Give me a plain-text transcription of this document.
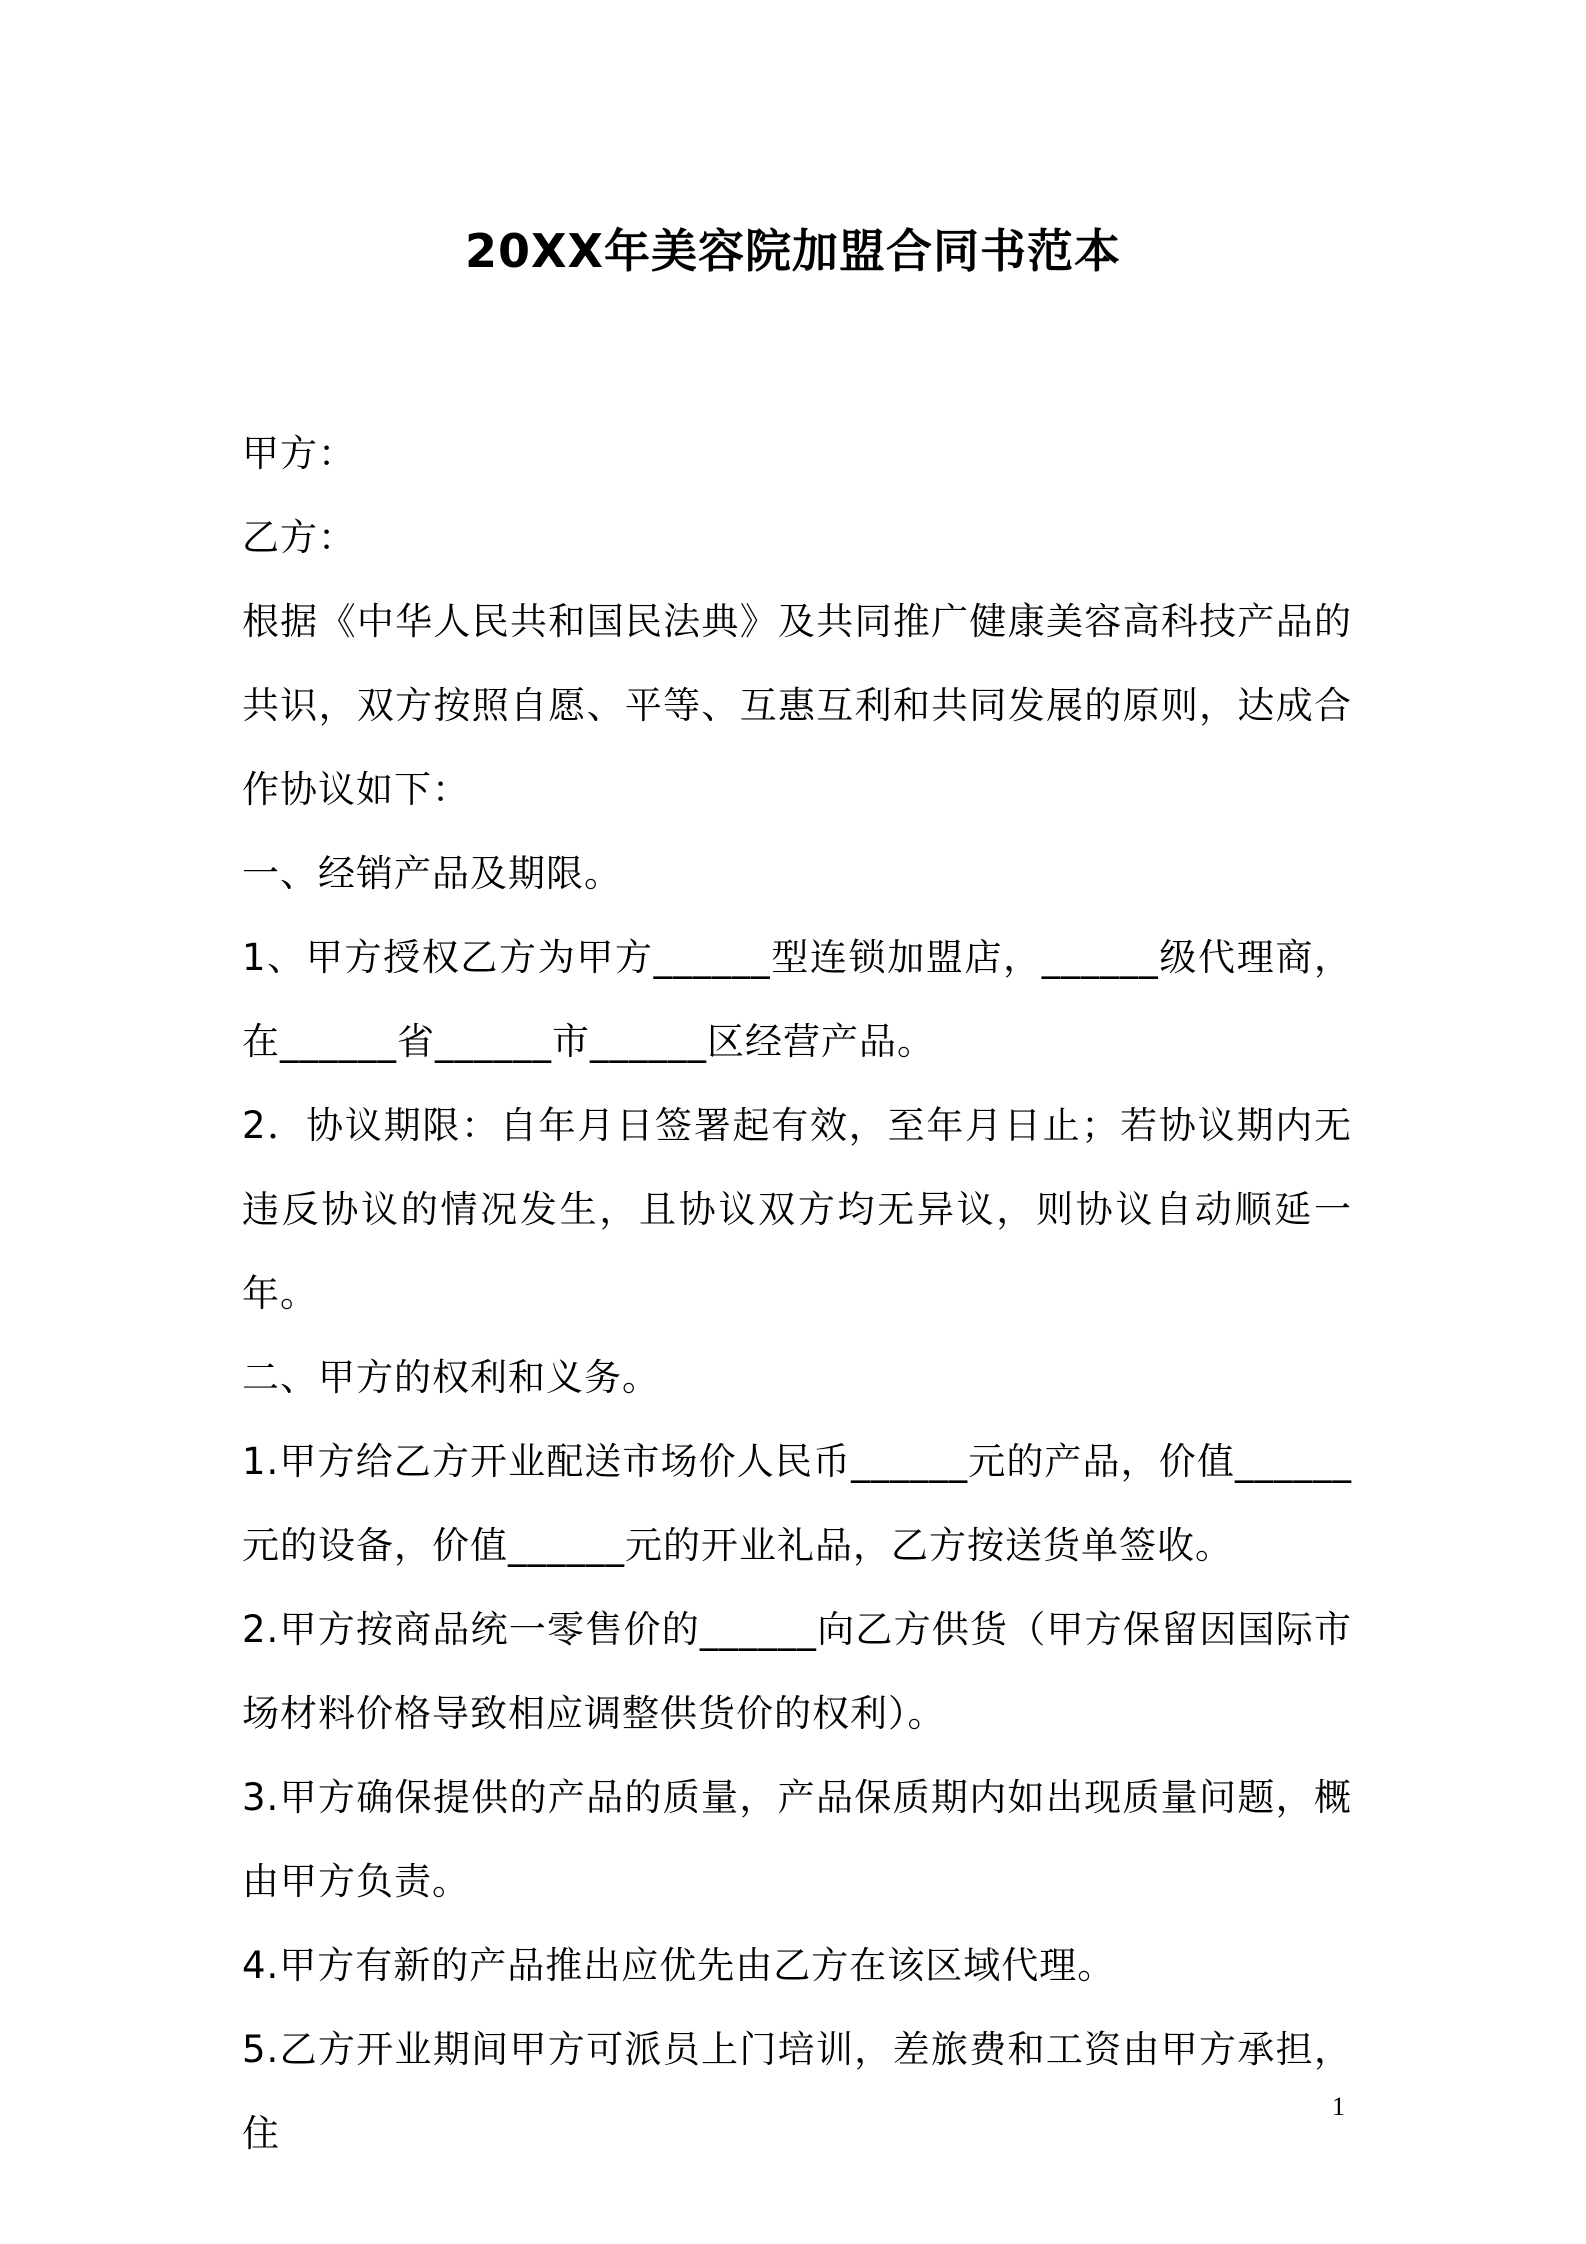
20XX年美容院加盟合同书范本

甲方：

乙方：

根据《中华人民共和国民法典》及共同推广健康美容高科技产品的共识，双方按照自愿、平等、互惠互利和共同发展的原则，达成合作协议如下：

一、经销产品及期限。

1、甲方授权乙方为甲方______型连锁加盟店，______级代理商，在______省______市______区经营产品。

2．协议期限：自年月日签署起有效，至年月日止；若协议期内无违反协议的情况发生，且协议双方均无异议，则协议自动顺延一年。

二、甲方的权利和义务。

1.甲方给乙方开业配送市场价人民币______元的产品，价值______元的设备，价值______元的开业礼品，乙方按送货单签收。

2.甲方按商品统一零售价的______向乙方供货（甲方保留因国际市场材料价格导致相应调整供货价的权利）。

3.甲方确保提供的产品的质量，产品保质期内如出现质量问题，概由甲方负责。

4.甲方有新的产品推出应优先由乙方在该区域代理。

5.乙方开业期间甲方可派员上门培训，差旅费和工资由甲方承担，住

1
